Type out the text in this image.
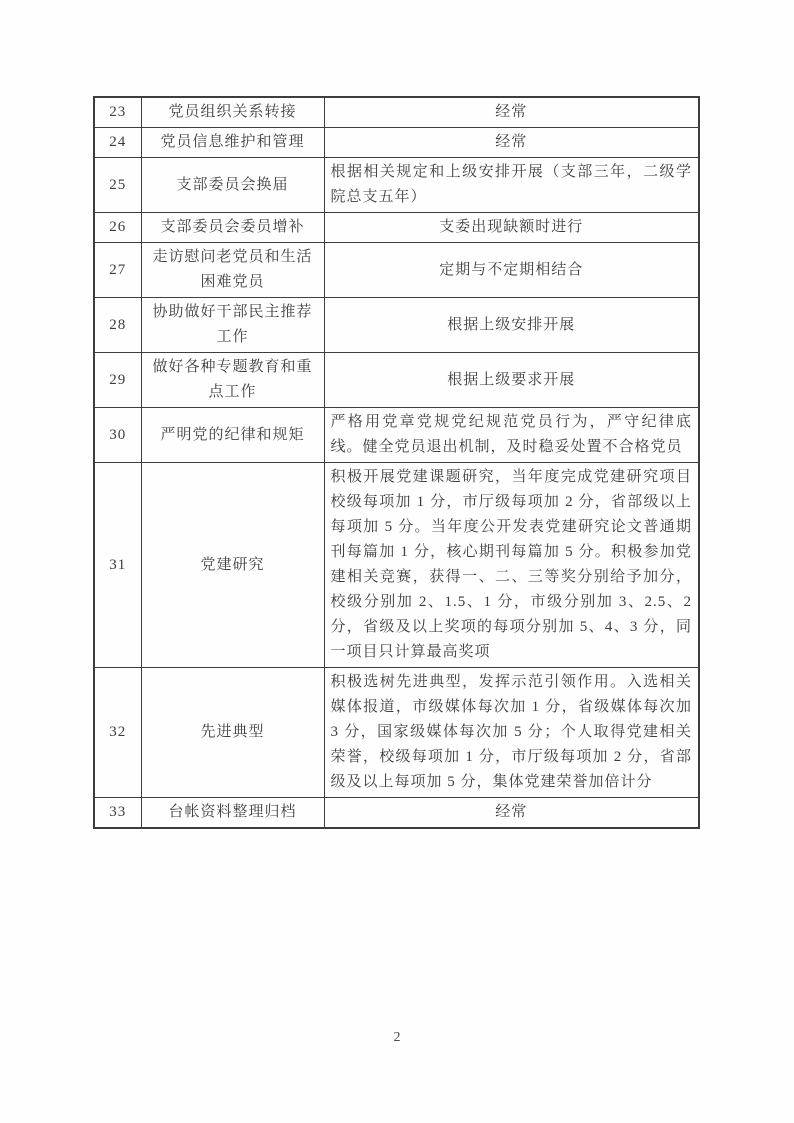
23	党员组织关系转接	经常
24	党员信息维护和管理	经常
25	支部委员会换届	根据相关规定和上级安排开展（支部三年，二级学院总支五年）
26	支部委员会委员增补	支委出现缺额时进行
27	走访慰问老党员和生活困难党员	定期与不定期相结合
28	协助做好干部民主推荐工作	根据上级安排开展
29	做好各种专题教育和重点工作	根据上级要求开展
30	严明党的纪律和规矩	严格用党章党规党纪规范党员行为，严守纪律底线。健全党员退出机制，及时稳妥处置不合格党员
31	党建研究	积极开展党建课题研究，当年度完成党建研究项目校级每项加 1 分，市厅级每项加 2 分，省部级以上每项加 5 分。当年度公开发表党建研究论文普通期刊每篇加 1 分，核心期刊每篇加 5 分。积极参加党建相关竞赛，获得一、二、三等奖分别给予加分，校级分别加 2、1.5、1 分，市级分别加 3、2.5、2 分，省级及以上奖项的每项分别加 5、4、3 分，同一项目只计算最高奖项
32	先进典型	积极选树先进典型，发挥示范引领作用。入选相关媒体报道，市级媒体每次加 1 分，省级媒体每次加 3 分，国家级媒体每次加 5 分；个人取得党建相关荣誉，校级每项加 1 分，市厅级每项加 2 分，省部级及以上每项加 5 分，集体党建荣誉加倍计分
33	台帐资料整理归档	经常
2
